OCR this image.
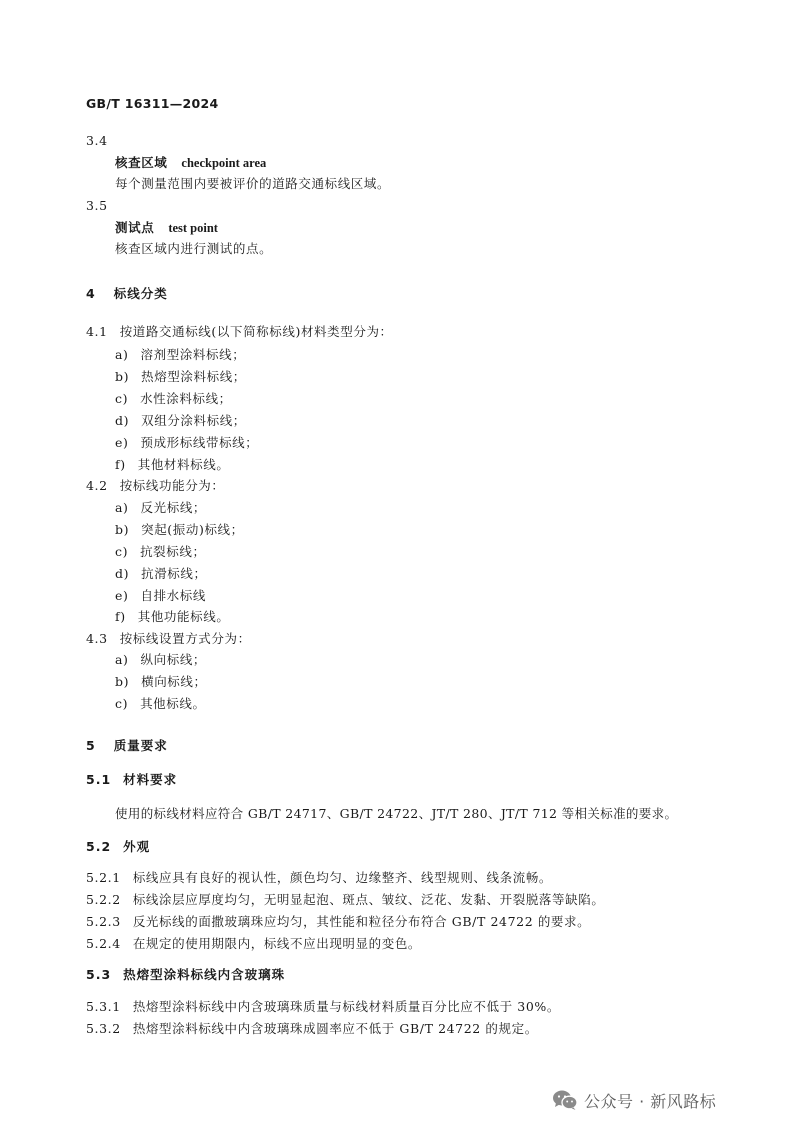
GB/T 16311—2024

3.4

核查区域 checkpoint area

每个测量范围内要被评价的道路交通标线区域。

3.5

测试点 test point

核查区域内进行测试的点。

4 标线分类

4.1 按道路交通标线(以下简称标线)材料类型分为：

a) 溶剂型涂料标线；

b) 热熔型涂料标线；

c) 水性涂料标线；

d) 双组分涂料标线；

e) 预成形标线带标线；

f) 其他材料标线。

4.2 按标线功能分为：

a) 反光标线；

b) 突起(振动)标线；

c) 抗裂标线；

d) 抗滑标线；

e) 自排水标线

f) 其他功能标线。

4.3 按标线设置方式分为：

a) 纵向标线；

b) 横向标线；

c) 其他标线。

5 质量要求

5.1 材料要求

使用的标线材料应符合 GB/T 24717、GB/T 24722、JT/T 280、JT/T 712 等相关标准的要求。

5.2 外观

5.2.1 标线应具有良好的视认性，颜色均匀、边缘整齐、线型规则、线条流畅。

5.2.2 标线涂层应厚度均匀，无明显起泡、斑点、皱纹、泛花、发黏、开裂脱落等缺陷。

5.2.3 反光标线的面撒玻璃珠应均匀，其性能和粒径分布符合 GB/T 24722 的要求。

5.2.4 在规定的使用期限内，标线不应出现明显的变色。

5.3 热熔型涂料标线内含玻璃珠

5.3.1 热熔型涂料标线中内含玻璃珠质量与标线材料质量百分比应不低于 30%。

5.3.2 热熔型涂料标线中内含玻璃珠成圆率应不低于 GB/T 24722 的规定。

公众号 · 新风路标
